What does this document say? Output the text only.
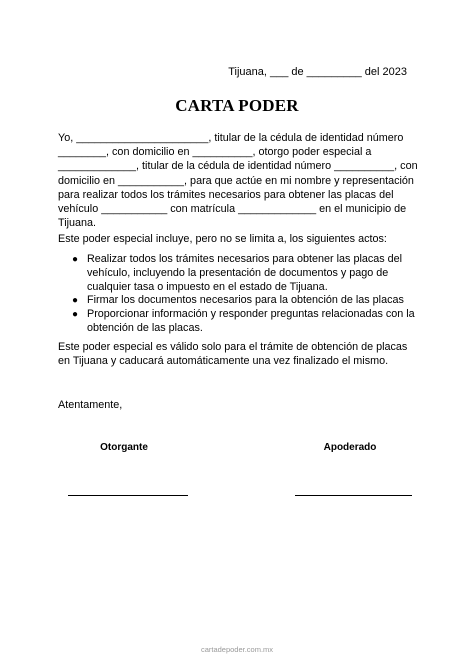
Tijuana, ___ de _________ del 2023
CARTA PODER
Yo, ______________________, titular de la cédula de identidad número ________, con domicilio en __________, otorgo poder especial a _____________, titular de la cédula de identidad número __________, con domicilio en ___________, para que actúe en mi nombre y representación para realizar todos los trámites necesarios para obtener las placas del vehículo ___________ con matrícula _____________ en el municipio de Tijuana.
Este poder especial incluye, pero no se limita a, los siguientes actos:
● Realizar todos los trámites necesarios para obtener las placas del vehículo, incluyendo la presentación de documentos y pago de cualquier tasa o impuesto en el estado de Tijuana.
● Firmar los documentos necesarios para la obtención de las placas
● Proporcionar información y responder preguntas relacionadas con la obtención de las placas.
Este poder especial es válido solo para el trámite de obtención de placas en Tijuana y caducará automáticamente una vez finalizado el mismo.
Atentamente,
Otorgante	Apoderado
cartadepoder.com.mx
